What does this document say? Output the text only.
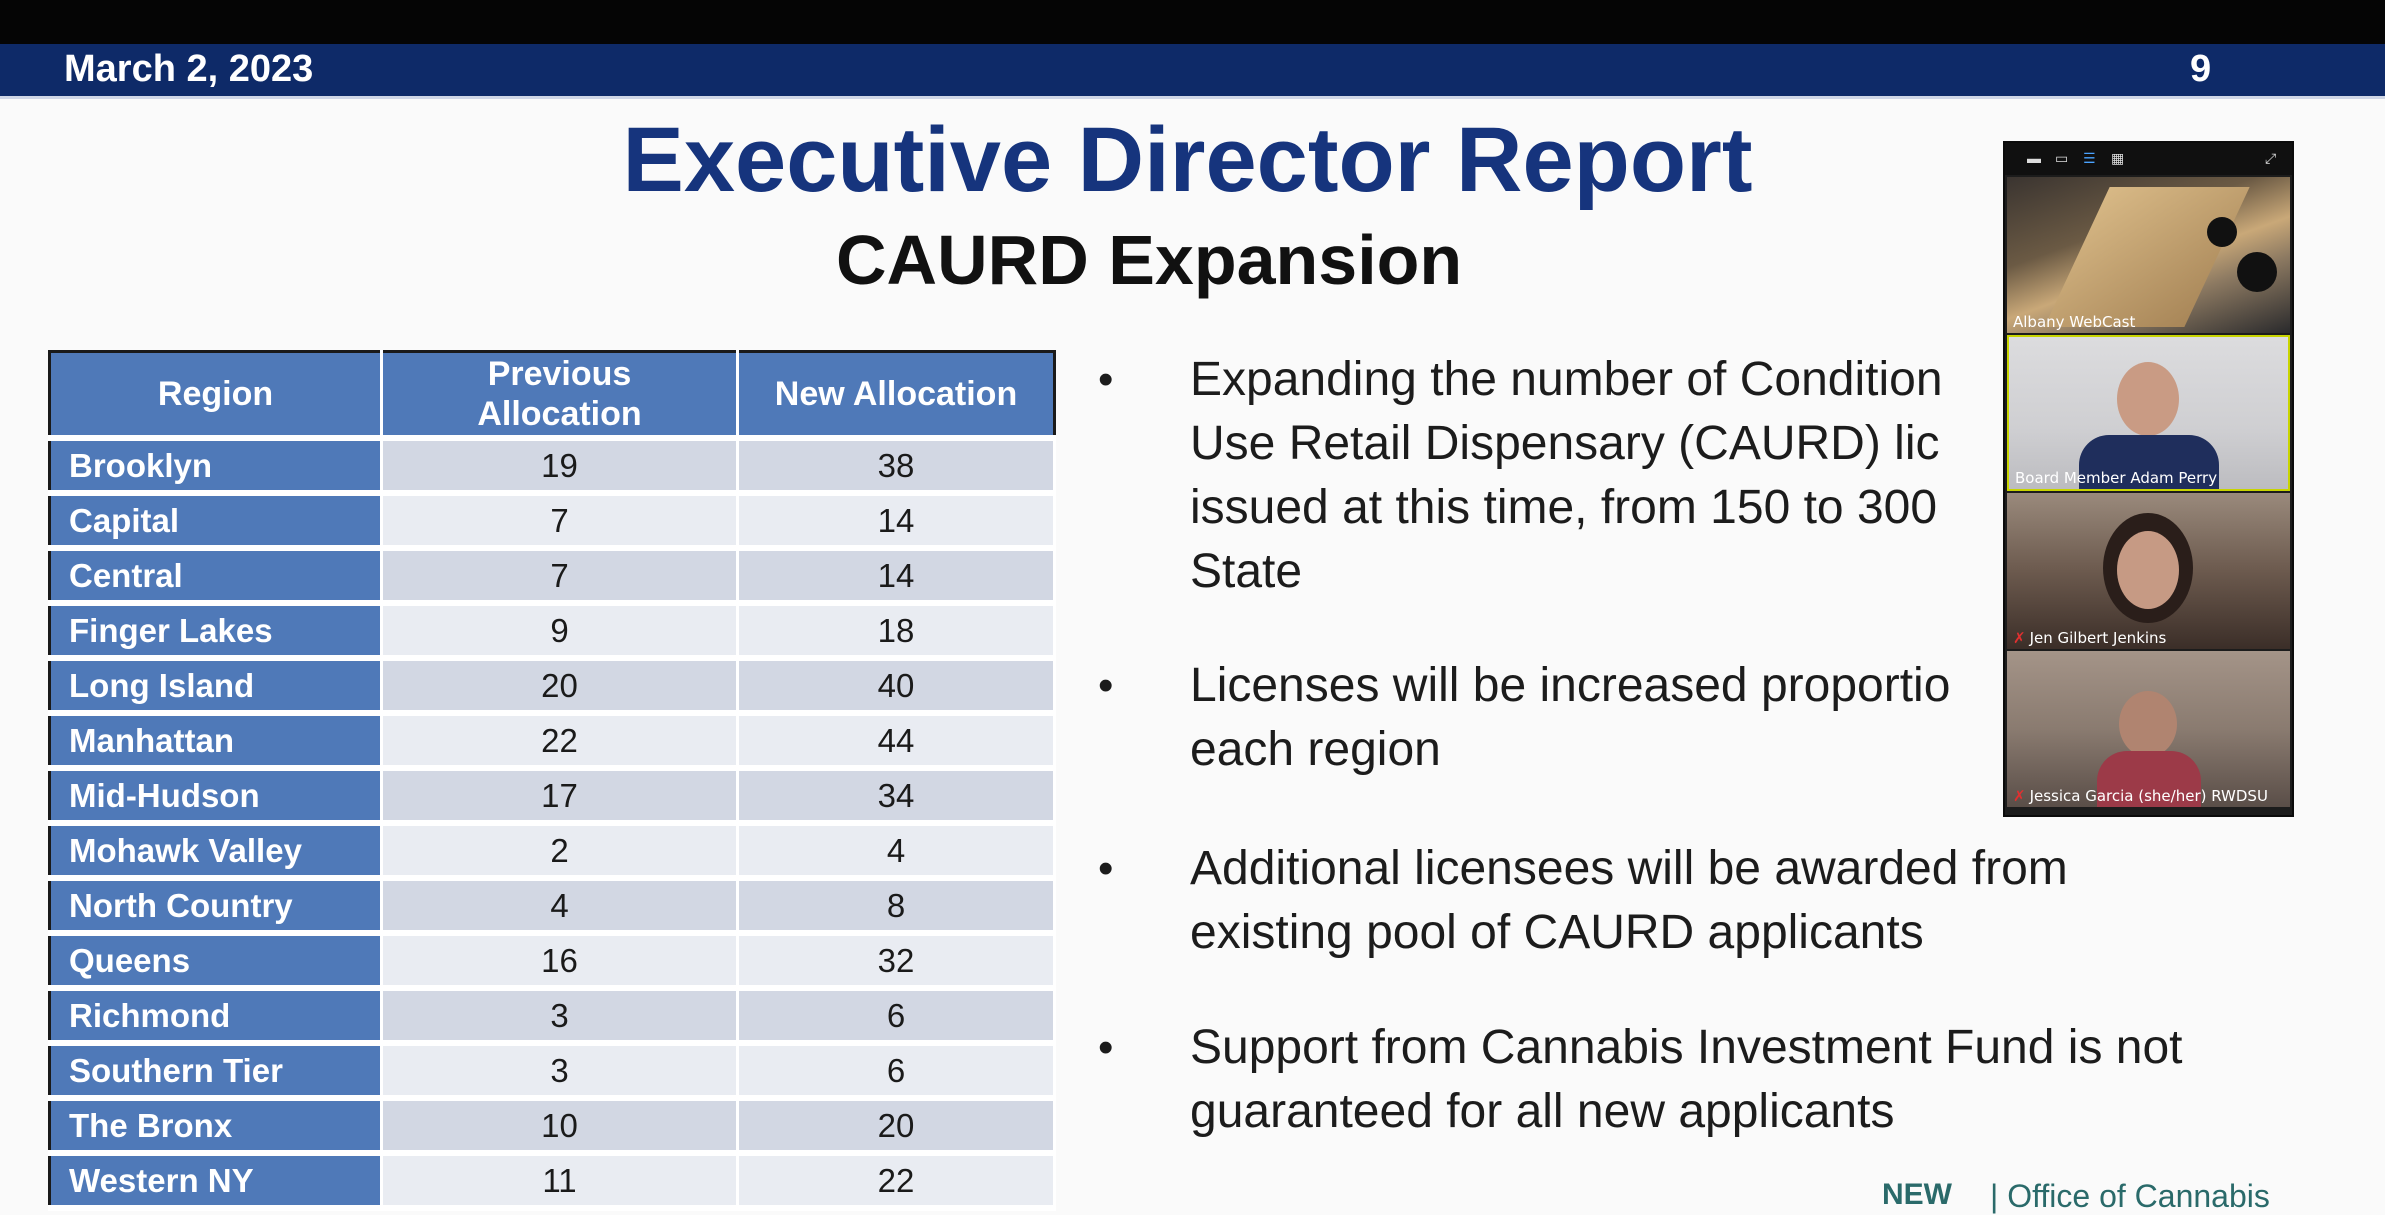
March 2, 2023	9
Executive Director Report
CAURD Expansion
Region	Previous Allocation	New Allocation
Brooklyn	19	38
Capital	7	14
Central	7	14
Finger Lakes	9	18
Long Island	20	40
Manhattan	22	44
Mid-Hudson	17	34
Mohawk Valley	2	4
North Country	4	8
Queens	16	32
Richmond	3	6
Southern Tier	3	6
The Bronx	10	20
Western NY	11	22
•	Expanding the number of Condition
Use Retail Dispensary (CAURD) lic
issued at this time, from 150 to 300
State
•	Licenses will be increased proportio
each region
•	Additional licensees will be awarded from
existing pool of CAURD applicants
•	Support from Cannabis Investment Fund is not
guaranteed for all new applicants
▬ ▭	☰	▦	⤢
Albany WebCast
Board Member Adam Perry
✗ Jen Gilbert Jenkins
✗ Jessica Garcia (she/her) RWDSU
NEW | Office of Cannabis
